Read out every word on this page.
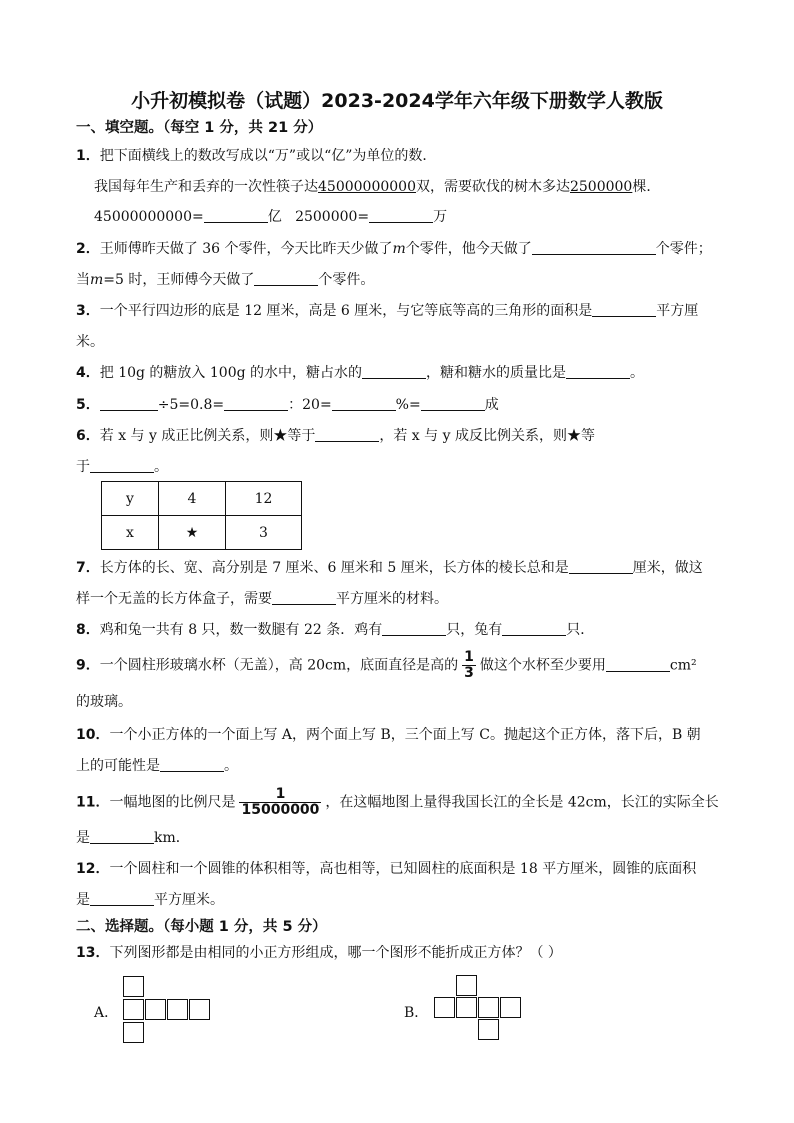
小升初模拟卷（试题）2023-2024学年六年级下册数学人教版
一、填空题。（每空 1 分，共 21 分）
1．把下面横线上的数改写成以“万”或以“亿”为单位的数．
我国每年生产和丢弃的一次性筷子达45000000000双，需要砍伐的树木多达2500000棵．
45000000000=	亿 2500000=	万
2．王师傅昨天做了 36 个零件，今天比昨天少做了m个零件，他今天做了	个零件；
当m=5 时，王师傅今天做了	个零件。
3．一个平行四边形的底是 12 厘米，高是 6 厘米，与它等底等高的三角形的面积是	平方厘
米。
4．把 10g 的糖放入 100g 的水中，糖占水的	，糖和糖水的质量比是	。
5．	÷5=0.8=	：20=	%=	成
6．若 x 与 y 成正比例关系，则★等于	，若 x 与 y 成反比例关系，则★等
于	。
y	4	12
x	★	3
7．长方体的长、宽、高分别是 7 厘米、6 厘米和 5 厘米，长方体的棱长总和是	厘米，做这
样一个无盖的长方体盒子，需要	平方厘米的材料。
8．鸡和兔一共有 8 只，数一数腿有 22 条．鸡有	只，兔有	只．
9．一个圆柱形玻璃水杯（无盖），高 20cm，底面直径是高的 $\frac{1}{3}$ 做这个水杯至少要用	cm²
的玻璃。
10．一个小正方体的一个面上写 A，两个面上写 B，三个面上写 C。抛起这个正方体，落下后，B 朝
上的可能性是	。
11．一幅地图的比例尺是 $\frac{1}{15000000}$ ，在这幅地图上量得我国长江的全长是 42cm，长江的实际全长
是	km．
12．一个圆柱和一个圆锥的体积相等，高也相等，已知圆柱的底面积是 18 平方厘米，圆锥的底面积
是	平方厘米。
二、选择题。（每小题 1 分，共 5 分）
13．下列图形都是由相同的小正方形组成，哪一个图形不能折成正方体？（ ）
A．	B．
